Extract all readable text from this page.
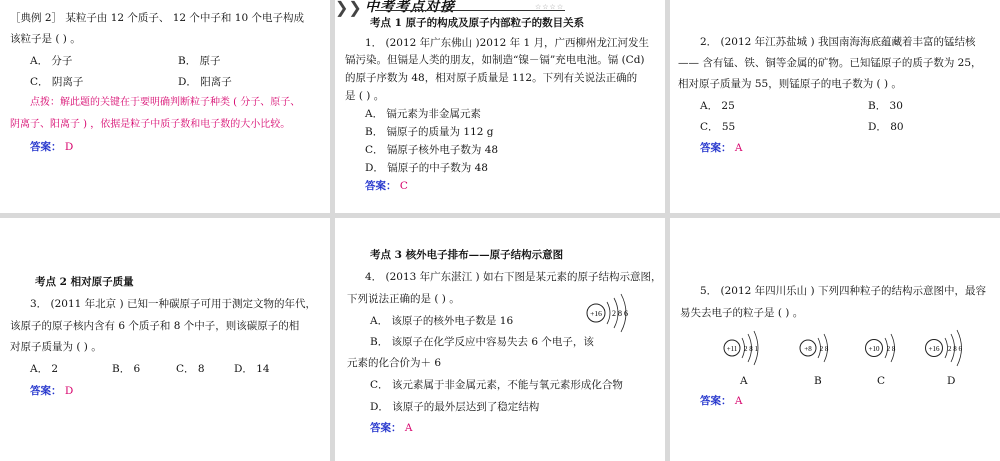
［典例 2］ 某粒子由 12 个质子、 12 个中子和 10 个电子构成
该粒子是 ( ) 。
A． 分子	B． 原子
C． 阴离子	D． 阳离子
点拨：解此题的关键在于要明确判断粒子种类 ( 分子、原子、
阴离子、阳离子 ) ，依据是粒子中质子数和电子数的大小比较。
答案： D
❯❯ 中考考点对接	☆☆☆☆
考点 1 原子的构成及原子内部粒子的数目关系
1． (2012 年广东佛山 )2012 年 1 月，广西柳州龙江河发生
镉污染。但镉是人类的朋友，如制造“镍－镉”充电电池。镉 (Cd)
的原子序数为 48，相对原子质量是 112。下列有关说法正确的
是 ( ) 。
A． 镉元素为非金属元素
B． 镉原子的质量为 112 g
C． 镉原子核外电子数为 48
D． 镉原子的中子数为 48
答案： C
2． (2012 年江苏盐城 ) 我国南海海底蕴藏着丰富的锰结核
—— 含有锰、铁、铜等金属的矿物。已知锰原子的质子数为 25，
相对原子质量为 55，则锰原子的电子数为 ( ) 。
A． 25	B． 30
C． 55	D． 80
答案： A
考点 2 相对原子质量
3． (2011 年北京 ) 已知一种碳原子可用于测定文物的年代，
该原子的原子核内含有 6 个质子和 8 个中子，则该碳原子的相
对原子质量为 ( ) 。
A． 2	B． 6	C． 8	D． 14
答案： D
考点 3 核外电子排布——原子结构示意图
4． (2013 年广东湛江 ) 如右下图是某元素的原子结构示意图，
下列说法正确的是 ( ) 。
A． 该原子的核外电子数是 16
B． 该原子在化学反应中容易失去 6 个电子，该
元素的化合价为＋ 6
C． 该元素属于非金属元素，不能与氧元素形成化合物
D． 该原子的最外层达到了稳定结构
答案： A
+16 2 8 6
5． (2012 年四川乐山 ) 下列四种粒子的结构示意图中，最容
易失去电子的粒子是 ( ) 。
+11 2 8 1
A
+8 2 8
B
+10 2 8
C
+16 2 8 6
D
答案： A
